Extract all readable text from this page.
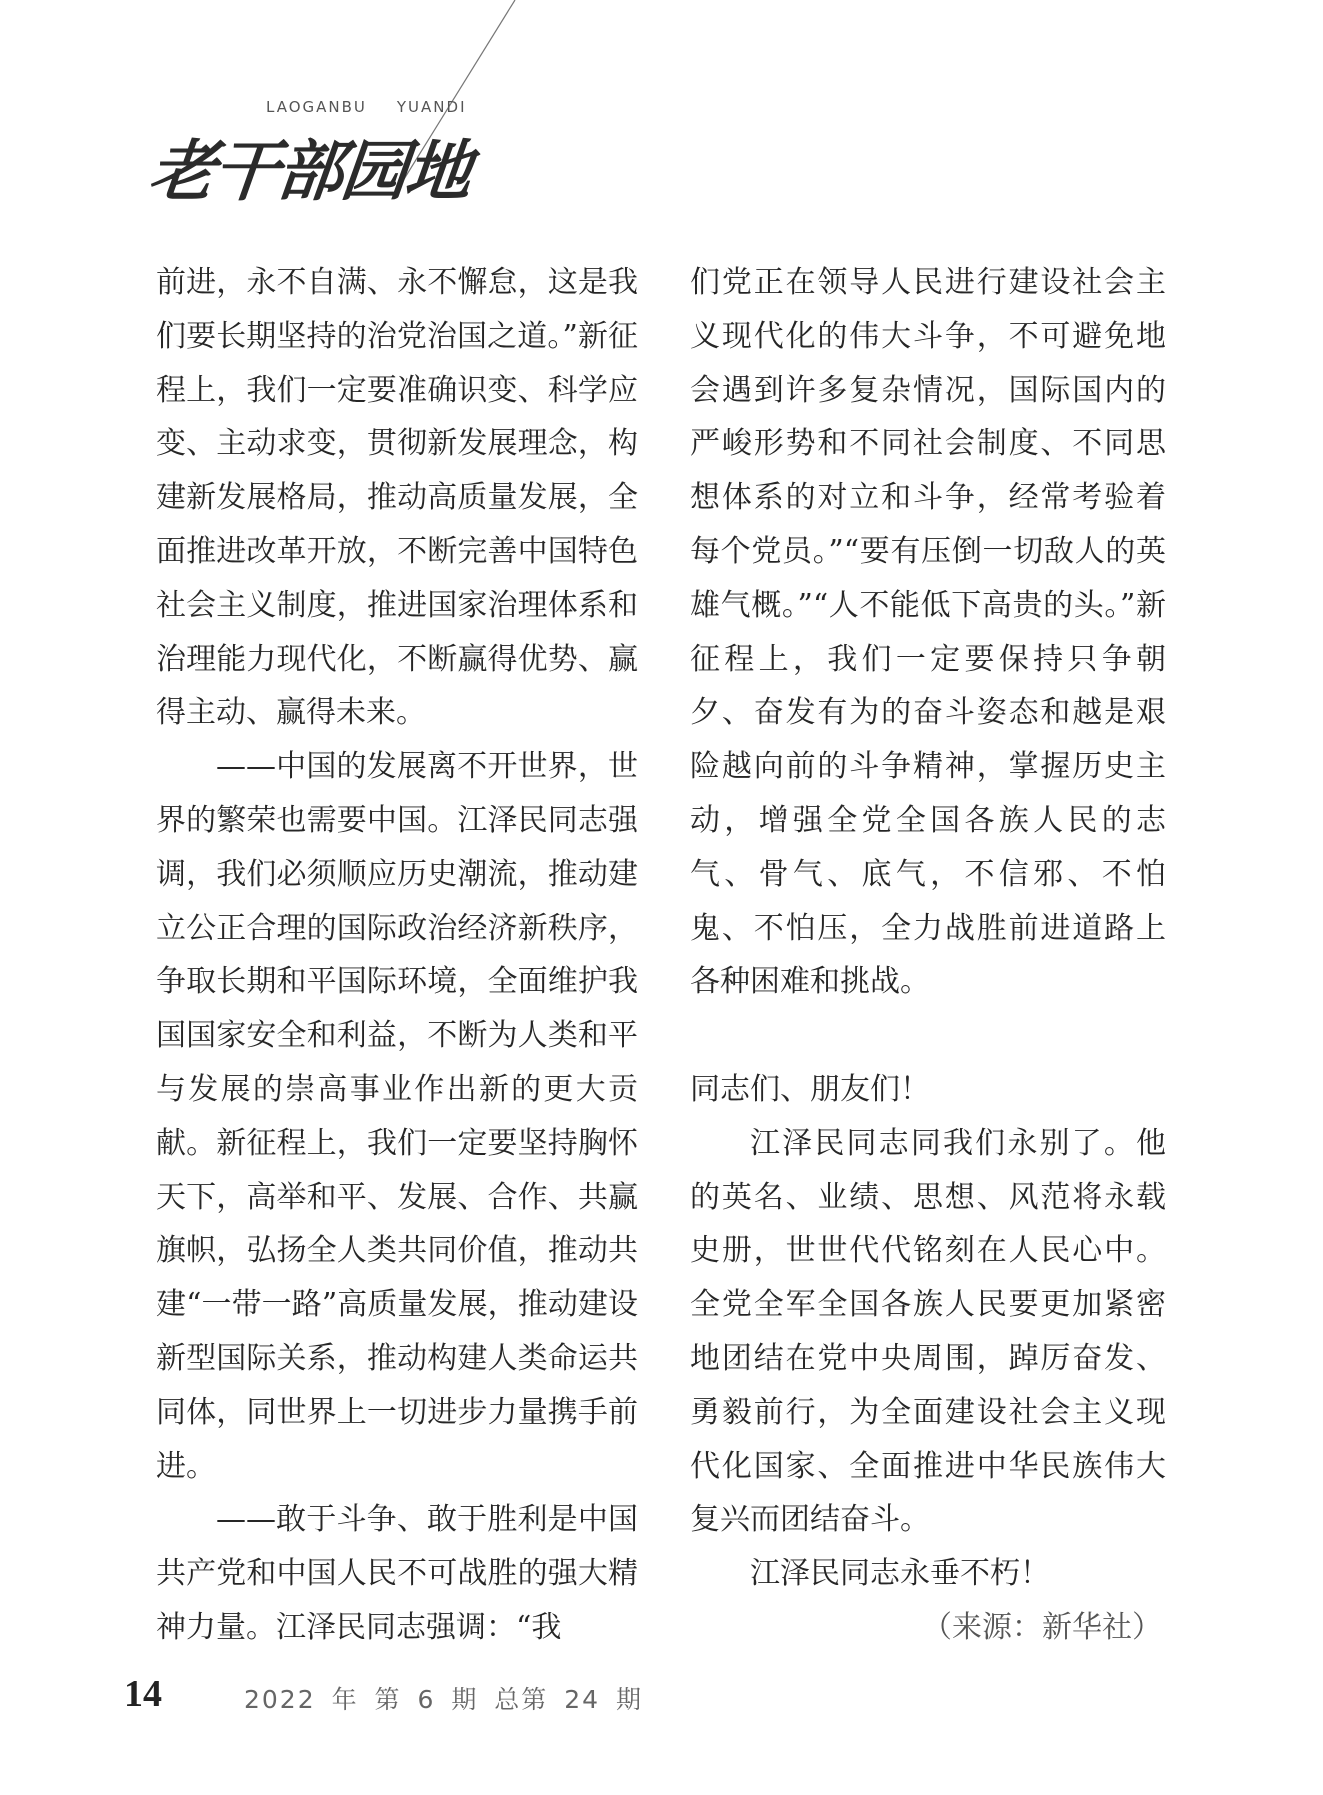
LAOGANBU YUANDI
老干部园地

前进，永不自满、永不懈怠，这是我们要长期坚持的治党治国之道。”新征程上，我们一定要准确识变、科学应变、主动求变，贯彻新发展理念，构建新发展格局，推动高质量发展，全面推进改革开放，不断完善中国特色社会主义制度，推进国家治理体系和治理能力现代化，不断赢得优势、赢得主动、赢得未来。

——中国的发展离不开世界，世界的繁荣也需要中国。江泽民同志强调，我们必须顺应历史潮流，推动建立公正合理的国际政治经济新秩序，争取长期和平国际环境，全面维护我国国家安全和利益，不断为人类和平与发展的崇高事业作出新的更大贡献。新征程上，我们一定要坚持胸怀天下，高举和平、发展、合作、共赢旗帜，弘扬全人类共同价值，推动共建“一带一路”高质量发展，推动建设新型国际关系，推动构建人类命运共同体，同世界上一切进步力量携手前进。

——敢于斗争、敢于胜利是中国共产党和中国人民不可战胜的强大精神力量。江泽民同志强调：“我

们党正在领导人民进行建设社会主义现代化的伟大斗争，不可避免地会遇到许多复杂情况，国际国内的严峻形势和不同社会制度、不同思想体系的对立和斗争，经常考验着每个党员。”“要有压倒一切敌人的英雄气概。”“人不能低下高贵的头。”新征程上，我们一定要保持只争朝夕、奋发有为的奋斗姿态和越是艰险越向前的斗争精神，掌握历史主动，增强全党全国各族人民的志气、骨气、底气，不信邪、不怕鬼、不怕压，全力战胜前进道路上各种困难和挑战。

同志们、朋友们！

江泽民同志同我们永别了。他的英名、业绩、思想、风范将永载史册，世世代代铭刻在人民心中。全党全军全国各族人民要更加紧密地团结在党中央周围，踔厉奋发、勇毅前行，为全面建设社会主义现代化国家、全面推进中华民族伟大复兴而团结奋斗。

江泽民同志永垂不朽！

（来源：新华社）

14	2022 年 第 6 期 总第 24 期
